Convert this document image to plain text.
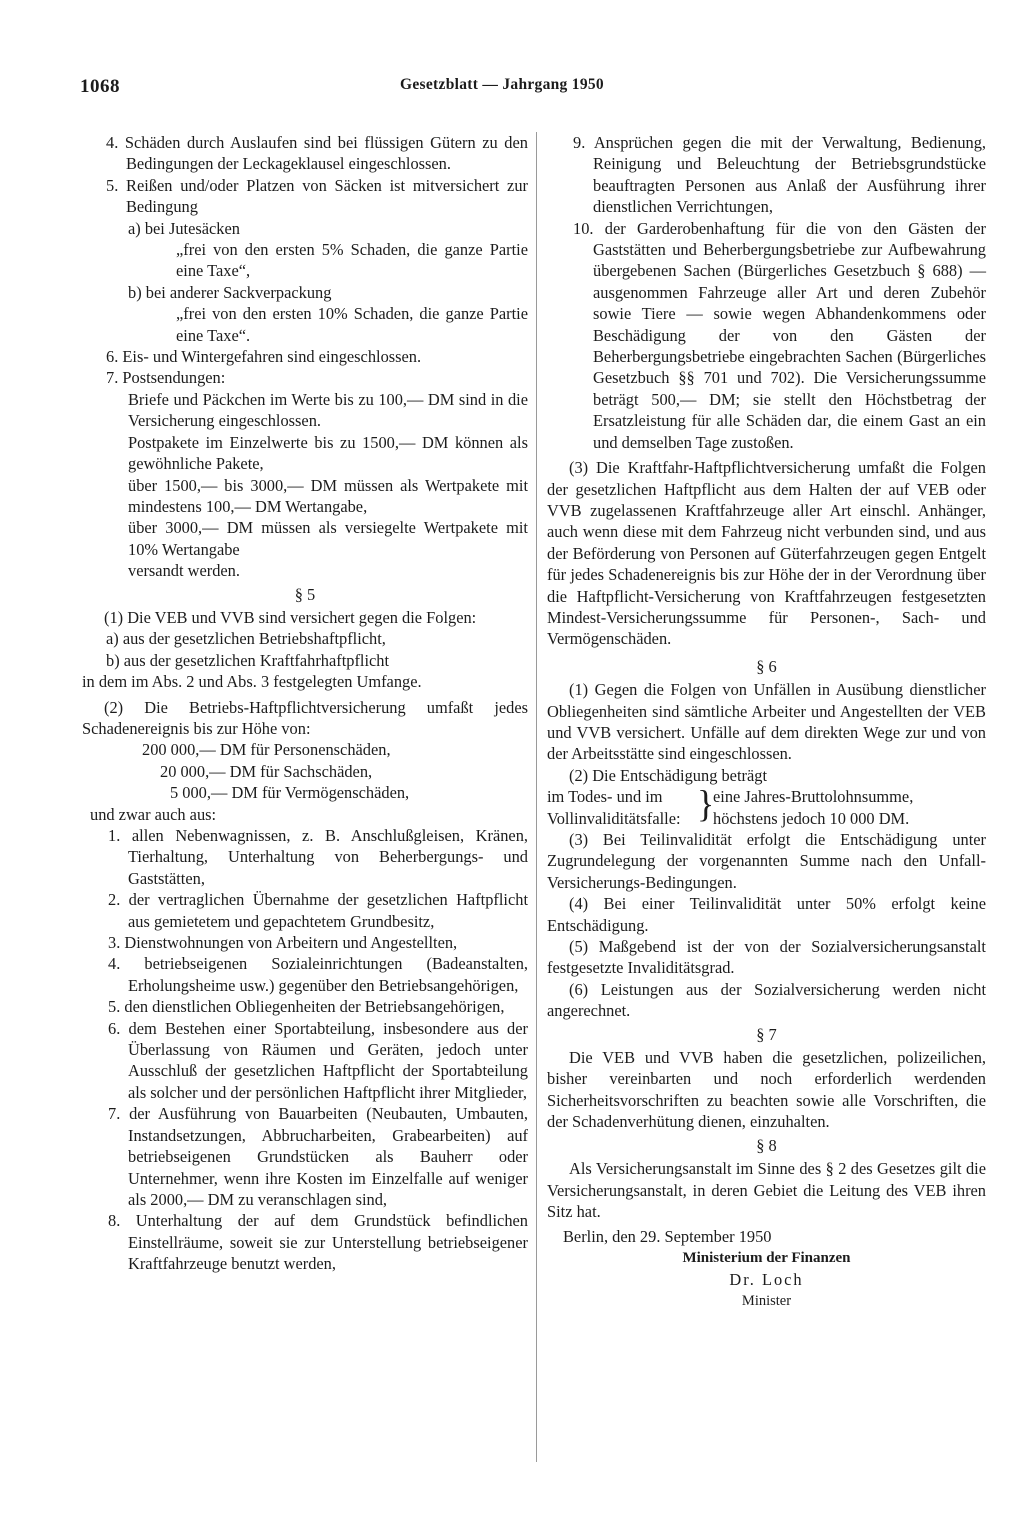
1068	Gesetzblatt — Jahrgang 1950
4. Schäden durch Auslaufen sind bei flüssigen Gütern zu den Bedingungen der Leckageklausel eingeschlossen.
5. Reißen und/oder Platzen von Säcken ist mitversichert zur Bedingung
a) bei Jutesäcken
„frei von den ersten 5% Schaden, die ganze Partie eine Taxe“,
b) bei anderer Sackverpackung
„frei von den ersten 10% Schaden, die ganze Partie eine Taxe“.
6. Eis- und Wintergefahren sind eingeschlossen.
7. Postsendungen:
Briefe und Päckchen im Werte bis zu 100,— DM sind in die Versicherung eingeschlossen.
Postpakete im Einzelwerte bis zu 1500,— DM können als gewöhnliche Pakete,
über 1500,— bis 3000,— DM müssen als Wertpakete mit mindestens 100,— DM Wertangabe,
über 3000,— DM müssen als versiegelte Wertpakete mit 10% Wertangabe
versandt werden.
§ 5
(1) Die VEB und VVB sind versichert gegen die Folgen:
a) aus der gesetzlichen Betriebshaftpflicht,
b) aus der gesetzlichen Kraftfahrhaftpflicht
in dem im Abs. 2 und Abs. 3 festgelegten Umfange.
(2) Die Betriebs-Haftpflichtversicherung umfaßt jedes Schadenereignis bis zur Höhe von:
200 000,— DM für Personenschäden,
20 000,— DM für Sachschäden,
5 000,— DM für Vermögenschäden,
und zwar auch aus:
1. allen Nebenwagnissen, z. B. Anschlußgleisen, Kränen, Tierhaltung, Unterhaltung von Beherbergungs- und Gaststätten,
2. der vertraglichen Übernahme der gesetzlichen Haftpflicht aus gemietetem und gepachtetem Grundbesitz,
3. Dienstwohnungen von Arbeitern und Angestellten,
4. betriebseigenen Sozialeinrichtungen (Badeanstalten, Erholungsheime usw.) gegenüber den Betriebsangehörigen,
5. den dienstlichen Obliegenheiten der Betriebsangehörigen,
6. dem Bestehen einer Sportabteilung, insbesondere aus der Überlassung von Räumen und Geräten, jedoch unter Ausschluß der gesetzlichen Haftpflicht der Sportabteilung als solcher und der persönlichen Haftpflicht ihrer Mitglieder,
7. der Ausführung von Bauarbeiten (Neubauten, Umbauten, Instandsetzungen, Abbrucharbeiten, Grabearbeiten) auf betriebseigenen Grundstücken als Bauherr oder Unternehmer, wenn ihre Kosten im Einzelfalle auf weniger als 2000,— DM zu veranschlagen sind,
8. Unterhaltung der auf dem Grundstück befindlichen Einstellräume, soweit sie zur Unterstellung betriebseigener Kraftfahrzeuge benutzt werden,
9. Ansprüchen gegen die mit der Verwaltung, Bedienung, Reinigung und Beleuchtung der Betriebsgrundstücke beauftragten Personen aus Anlaß der Ausführung ihrer dienstlichen Verrichtungen,
10. der Garderobenhaftung für die von den Gästen der Gaststätten und Beherbergungsbetriebe zur Aufbewahrung übergebenen Sachen (Bürgerliches Gesetzbuch § 688) — ausgenommen Fahrzeuge aller Art und deren Zubehör sowie Tiere — sowie wegen Abhandenkommens oder Beschädigung der von den Gästen der Beherbergungsbetriebe eingebrachten Sachen (Bürgerliches Gesetzbuch §§ 701 und 702). Die Versicherungssumme beträgt 500,— DM; sie stellt den Höchstbetrag der Ersatzleistung für alle Schäden dar, die einem Gast an ein und demselben Tage zustoßen.
(3) Die Kraftfahr-Haftpflichtversicherung umfaßt die Folgen der gesetzlichen Haftpflicht aus dem Halten der auf VEB oder VVB zugelassenen Kraftfahrzeuge aller Art einschl. Anhänger, auch wenn diese mit dem Fahrzeug nicht verbunden sind, und aus der Beförderung von Personen auf Güterfahrzeugen gegen Entgelt für jedes Schadenereignis bis zur Höhe der in der Verordnung über die Haftpflicht-Versicherung von Kraftfahrzeugen festgesetzten Mindest-Versicherungssumme für Personen-, Sach- und Vermögenschäden.
§ 6
(1) Gegen die Folgen von Unfällen in Ausübung dienstlicher Obliegenheiten sind sämtliche Arbeiter und Angestellten der VEB und VVB versichert. Unfälle auf dem direkten Wege zur und von der Arbeitsstätte sind eingeschlossen.
(2) Die Entschädigung beträgt
im Todes- und im
Vollinvaliditätsfalle: }
eine Jahres-Bruttolohnsumme,
höchstens jedoch 10 000 DM.
(3) Bei Teilinvalidität erfolgt die Entschädigung unter Zugrundelegung der vorgenannten Summe nach den Unfall-Versicherungs-Bedingungen.
(4) Bei einer Teilinvalidität unter 50% erfolgt keine Entschädigung.
(5) Maßgebend ist der von der Sozialversicherungsanstalt festgesetzte Invaliditätsgrad.
(6) Leistungen aus der Sozialversicherung werden nicht angerechnet.
§ 7
Die VEB und VVB haben die gesetzlichen, polizeilichen, bisher vereinbarten und noch erforderlich werdenden Sicherheitsvorschriften zu beachten sowie alle Vorschriften, die der Schadenverhütung dienen, einzuhalten.
§ 8
Als Versicherungsanstalt im Sinne des § 2 des Gesetzes gilt die Versicherungsanstalt, in deren Gebiet die Leitung des VEB ihren Sitz hat.
Berlin, den 29. September 1950
Ministerium der Finanzen
Dr. Loch
Minister
